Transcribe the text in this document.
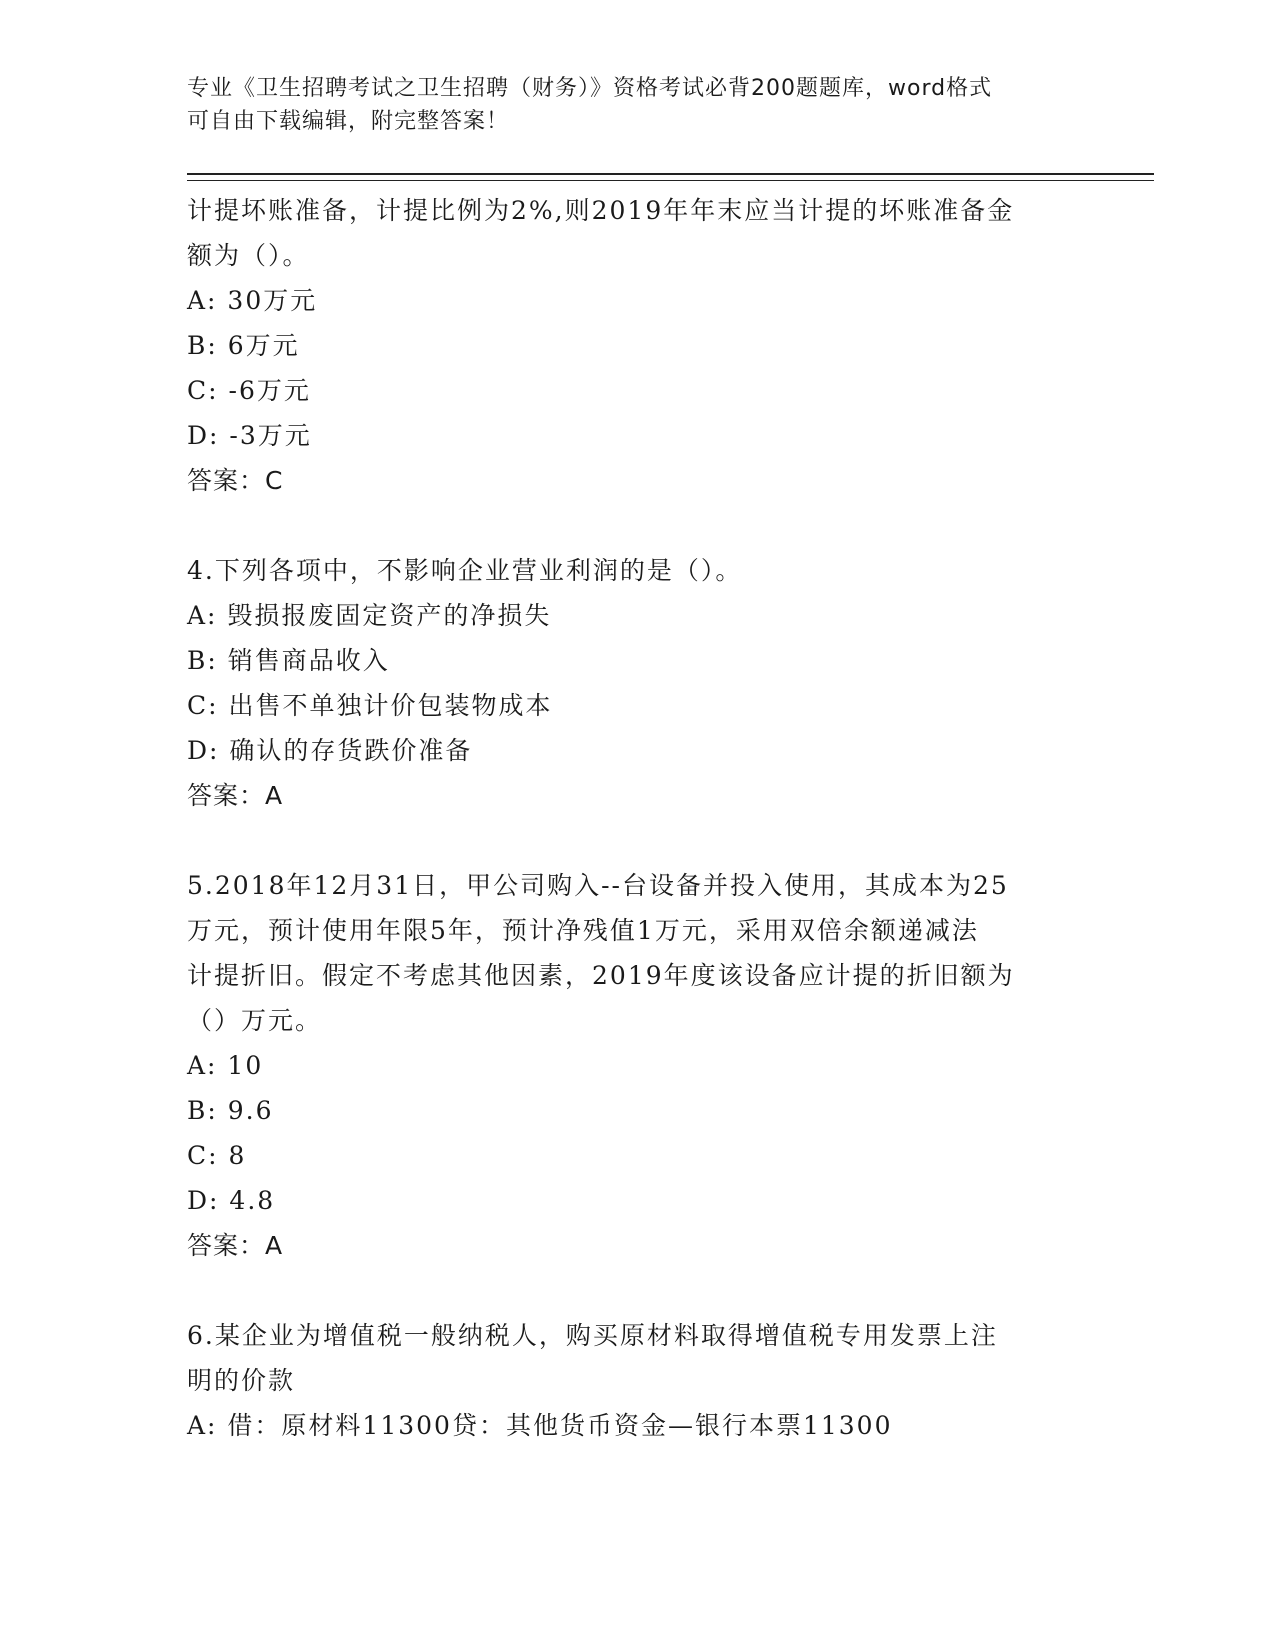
专业《卫生招聘考试之卫生招聘（财务）》资格考试必背200题题库，word格式
可自由下载编辑，附完整答案！
计提坏账准备，计提比例为2%,则2019年年末应当计提的坏账准备金
额为（）。
A: 30万元
B: 6万元
C: -6万元
D: -3万元
答案：C
4.下列各项中，不影响企业营业利润的是（）。
A: 毁损报废固定资产的净损失
B: 销售商品收入
C: 出售不单独计价包装物成本
D: 确认的存货跌价准备
答案：A
5.2018年12月31日，甲公司购入--台设备并投入使用，其成本为25
万元，预计使用年限5年，预计净残值1万元，采用双倍余额递减法
计提折旧。假定不考虑其他因素，2019年度该设备应计提的折旧额为
（）万元。
A: 10
B: 9.6
C: 8
D: 4.8
答案：A
6.某企业为增值税一般纳税人，购买原材料取得增值税专用发票上注
明的价款
A: 借：原材料11300贷：其他货币资金—银行本票11300
